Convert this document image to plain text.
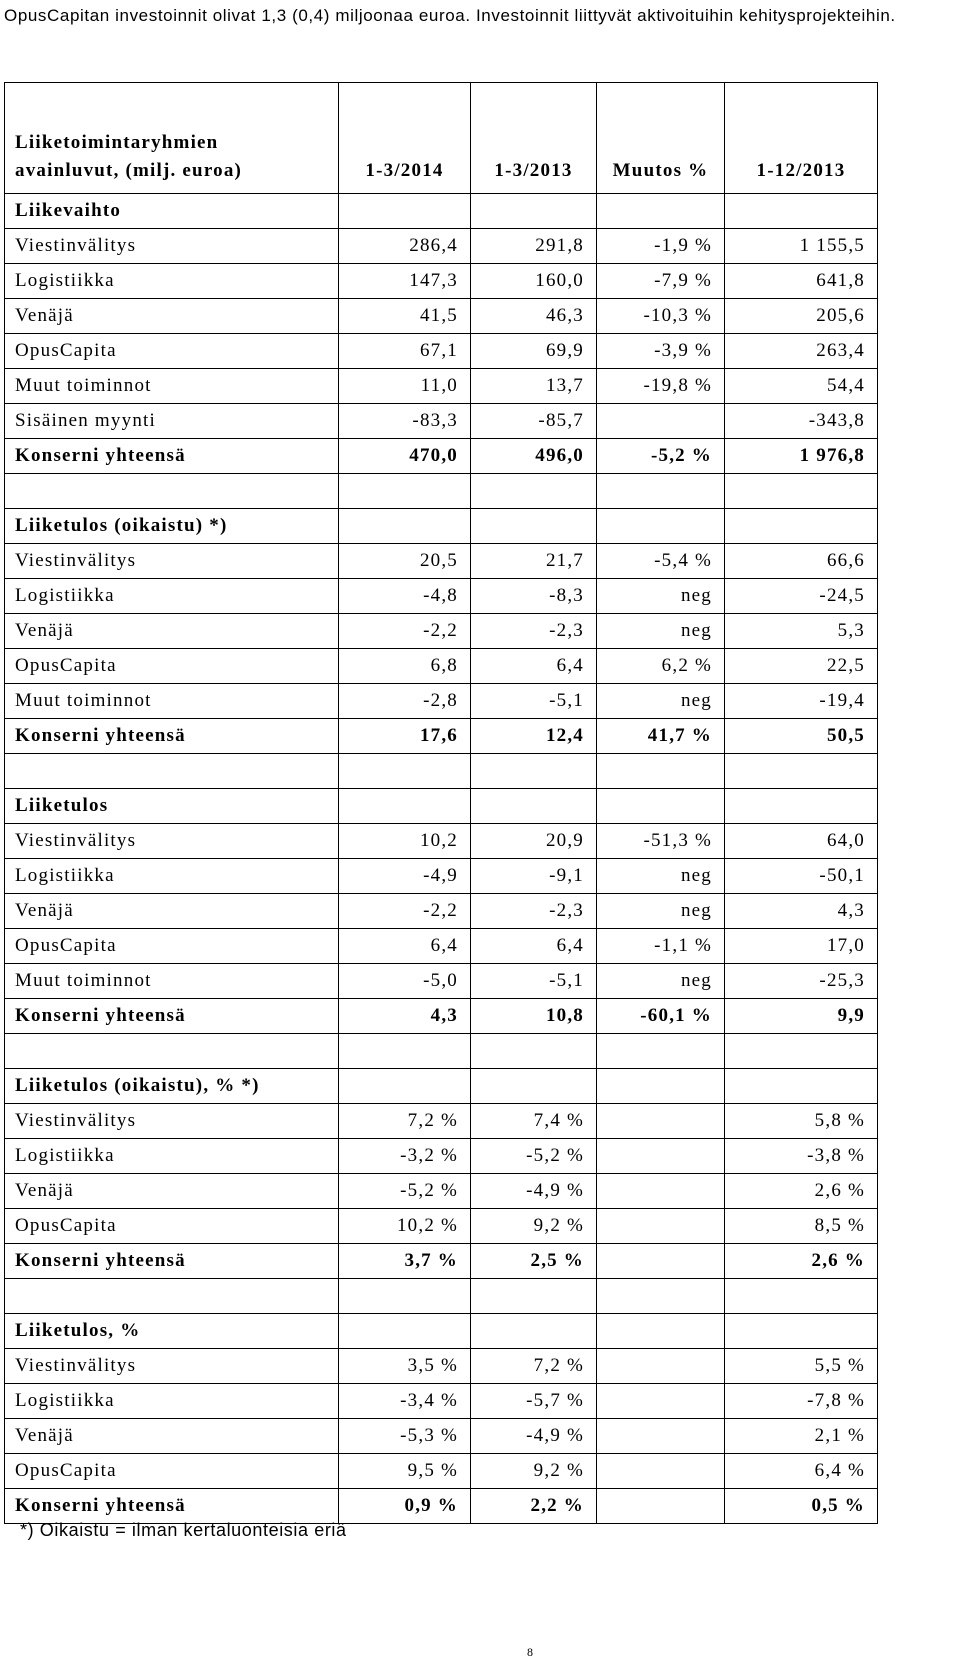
OpusCapitan investoinnit olivat 1,3 (0,4) miljoonaa euroa. Investoinnit liittyvät aktivoituihin kehitysprojekteihin.

Liiketoimintaryhmien avainluvut, (milj. euroa)	1-3/2014	1-3/2013	Muutos %	1-12/2013
Liikevaihto				
Viestinvälitys	286,4	291,8	-1,9 %	1 155,5
Logistiikka	147,3	160,0	-7,9 %	641,8
Venäjä	41,5	46,3	-10,3 %	205,6
OpusCapita	67,1	69,9	-3,9 %	263,4
Muut toiminnot	11,0	13,7	-19,8 %	54,4
Sisäinen myynti	-83,3	-85,7		-343,8
Konserni yhteensä	470,0	496,0	-5,2 %	1 976,8

Liiketulos (oikaistu) *)				
Viestinvälitys	20,5	21,7	-5,4 %	66,6
Logistiikka	-4,8	-8,3	neg	-24,5
Venäjä	-2,2	-2,3	neg	5,3
OpusCapita	6,8	6,4	6,2 %	22,5
Muut toiminnot	-2,8	-5,1	neg	-19,4
Konserni yhteensä	17,6	12,4	41,7 %	50,5

Liiketulos				
Viestinvälitys	10,2	20,9	-51,3 %	64,0
Logistiikka	-4,9	-9,1	neg	-50,1
Venäjä	-2,2	-2,3	neg	4,3
OpusCapita	6,4	6,4	-1,1 %	17,0
Muut toiminnot	-5,0	-5,1	neg	-25,3
Konserni yhteensä	4,3	10,8	-60,1 %	9,9

Liiketulos (oikaistu), % *)				
Viestinvälitys	7,2 %	7,4 %		5,8 %
Logistiikka	-3,2 %	-5,2 %		-3,8 %
Venäjä	-5,2 %	-4,9 %		2,6 %
OpusCapita	10,2 %	9,2 %		8,5 %
Konserni yhteensä	3,7 %	2,5 %		2,6 %

Liiketulos, %				
Viestinvälitys	3,5 %	7,2 %		5,5 %
Logistiikka	-3,4 %	-5,7 %		-7,8 %
Venäjä	-5,3 %	-4,9 %		2,1 %
OpusCapita	9,5 %	9,2 %		6,4 %
Konserni yhteensä	0,9 %	2,2 %		0,5 %

*) Oikaistu = ilman kertaluonteisia eriä

8
